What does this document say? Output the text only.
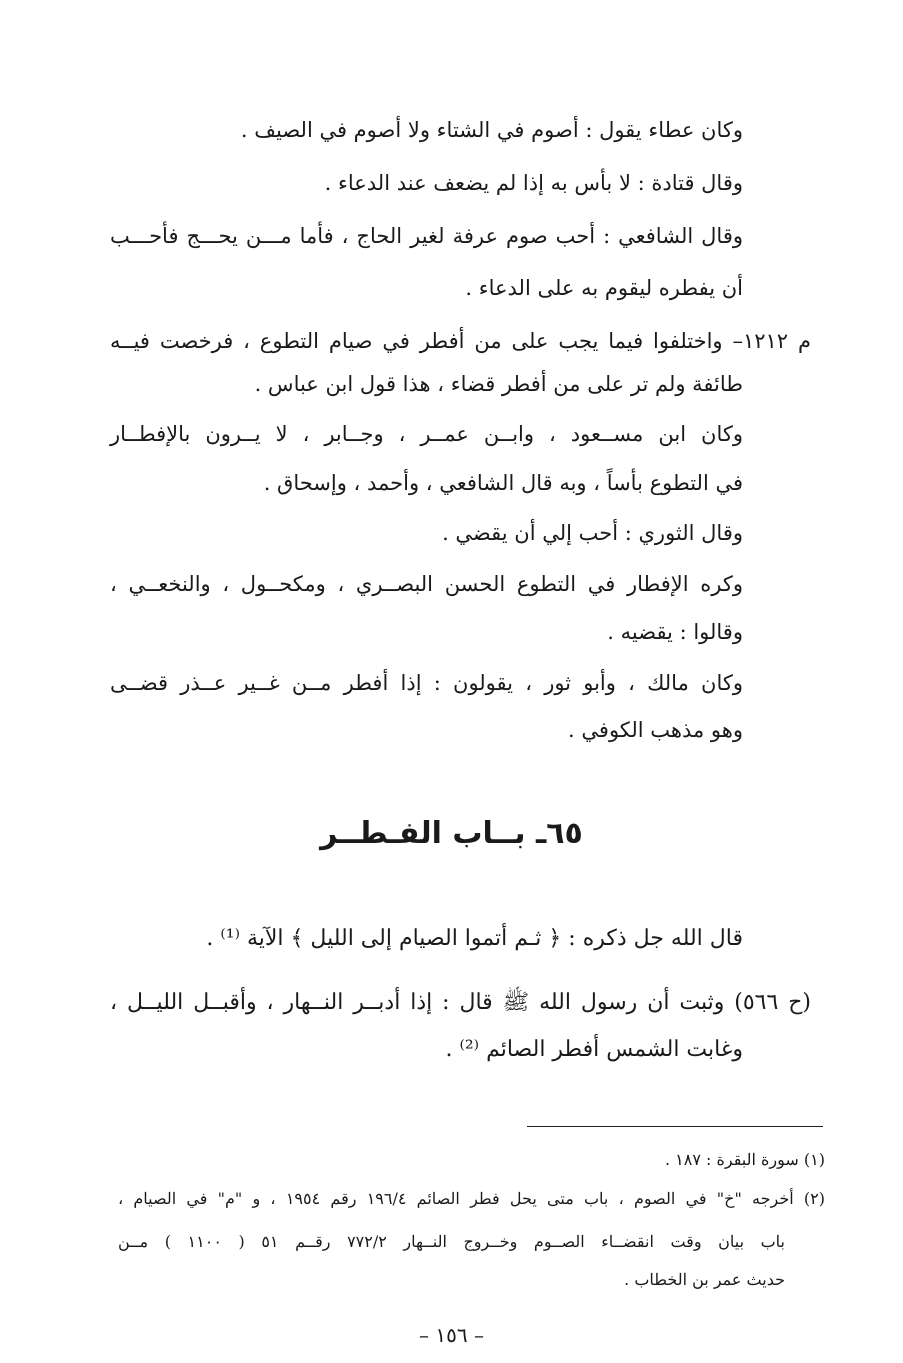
وكان عطاء يقول : أصوم في الشتاء ولا أصوم في الصيف .
وقال قتادة : لا بأس به إذا لم يضعف عند الدعاء .
وقال الشافعي : أحب صوم عرفة لغير الحاج ، فأما مـــن يحـــج فأحـــب
أن يفطره ليقوم به على الدعاء .
م ١٢١٢– واختلفوا فيما يجب على من أفطر في صيام التطوع ، فرخصت فيــه
طائفة ولم تر على من أفطر قضاء ، هذا قول ابن عباس .
وكان ابن مســعود ، وابــن عمــر ، وجــابر ، لا يــرون بالإفطــار
في التطوع بأساً ، وبه قال الشافعي ، وأحمد ، وإسحاق .
وقال الثوري : أحب إلي أن يقضي .
وكره الإفطار في التطوع الحسن البصــري ، ومكحــول ، والنخعــي ،
وقالوا : يقضيه .
وكان مالك ، وأبو ثور ، يقولون : إذا أفطر مــن غــير عــذر قضــى
وهو مذهب الكوفي .
٦٥ـ بــاب الفـطــر
قال الله جل ذكره : ﴿ ثـم أتموا الصيام إلى الليل ﴾ الآية ⁽¹⁾ .
(ح ٥٦٦) وثبت أن رسول الله ﷺ قال : إذا أدبــر النــهار ، وأقبــل الليــل ،
وغابت الشمس أفطر الصائم ⁽²⁾ .
(١) سورة البقرة : ١٨٧ .
(٢) أخرجه "خ" في الصوم ، باب متى يحل فطر الصائم ١٩٦/٤ رقم ١٩٥٤ ، و "م" في الصيام ،
باب بيان وقت انقضــاء الصــوم وخــروج النــهار ٧٧٢/٢ رقــم ٥١ ( ١١٠٠ ) مــن
حديث عمر بن الخطاب .
– ١٥٦ –
